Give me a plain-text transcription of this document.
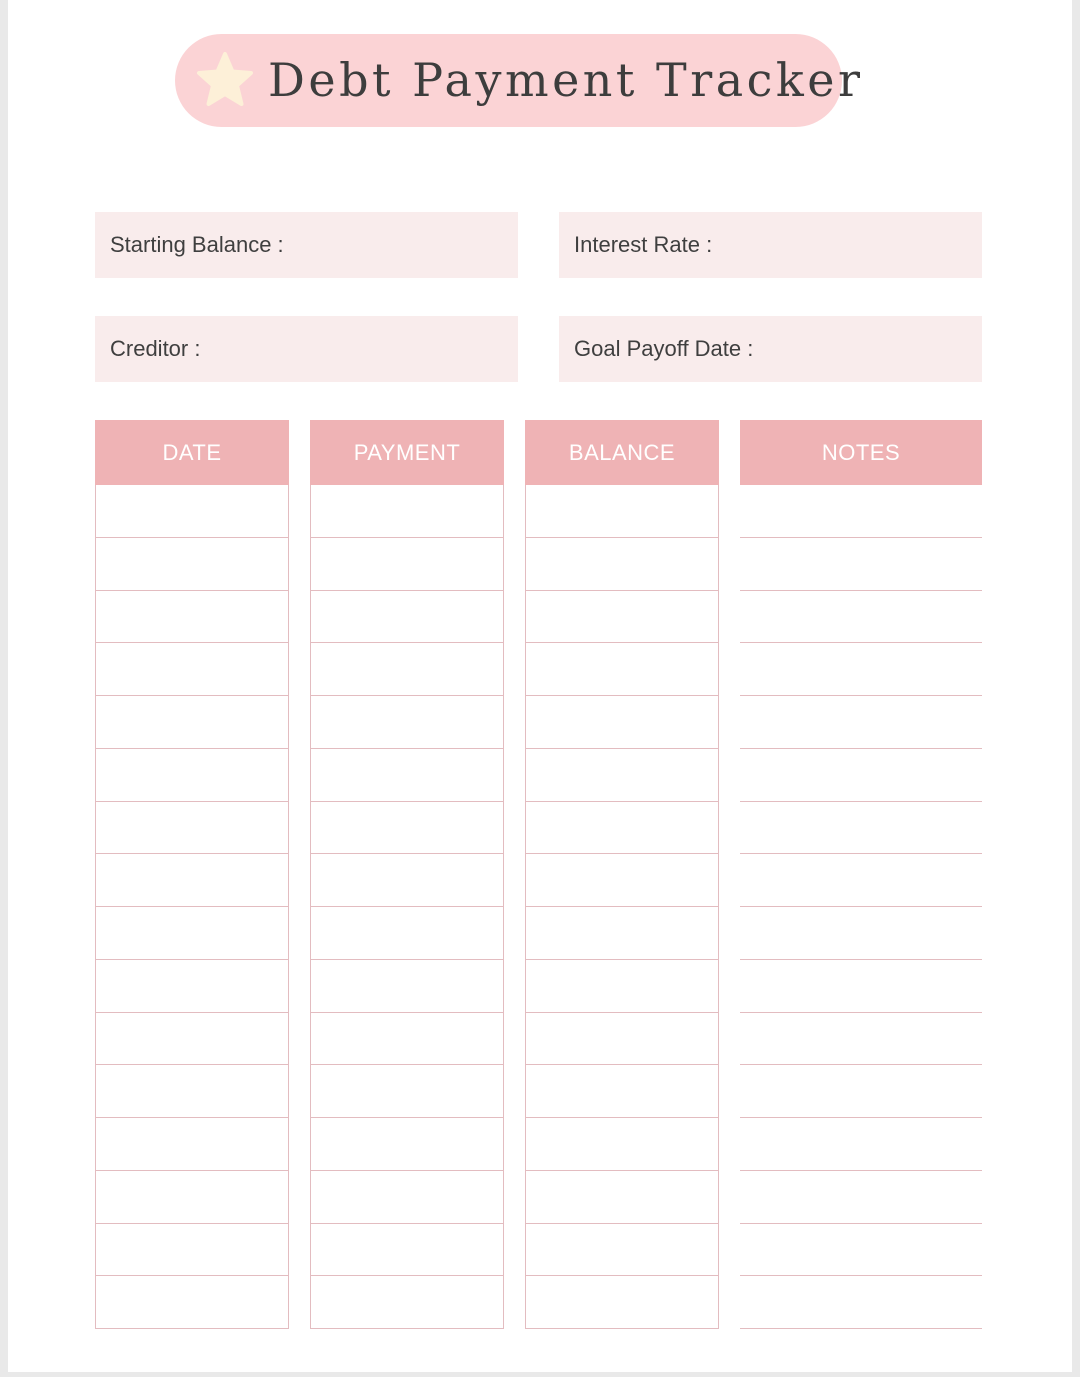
Debt Payment Tracker
Starting Balance :	Interest Rate :
Creditor :	Goal Payoff Date :
DATE	PAYMENT	BALANCE	NOTES
